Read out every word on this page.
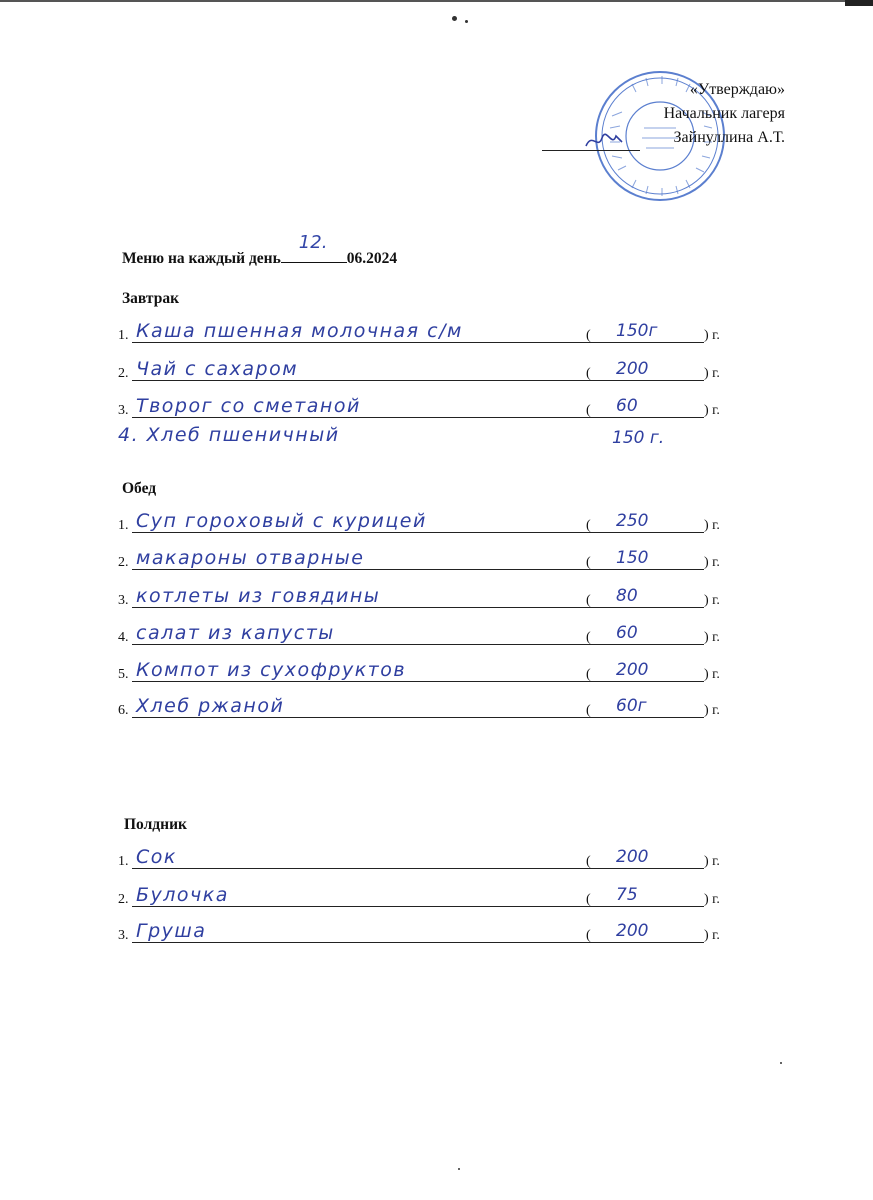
«Утверждаю»
Начальник лагеря
Зайнуллина А.Т.
Меню на каждый день
12.
06.2024
Завтрак
1. Каша пшенная молочная с/м	( 150г	) г.
2. Чай с сахаром	( 200	) г.
3. Творог со сметаной	( 60	) г.
4. Хлеб пшеничный	150 г.
Обед
1. Суп гороховый с курицей	( 250	) г.
2. макароны отварные	( 150	) г.
3. котлеты из говядины	( 80	) г.
4. салат из капусты	( 60	) г.
5. Компот из сухофруктов	( 200	) г.
6. Хлеб ржаной	( 60г	) г.
Полдник
1. Сок	( 200	) г.
2. Булочка	( 75	) г.
3. Груша	( 200	) г.
